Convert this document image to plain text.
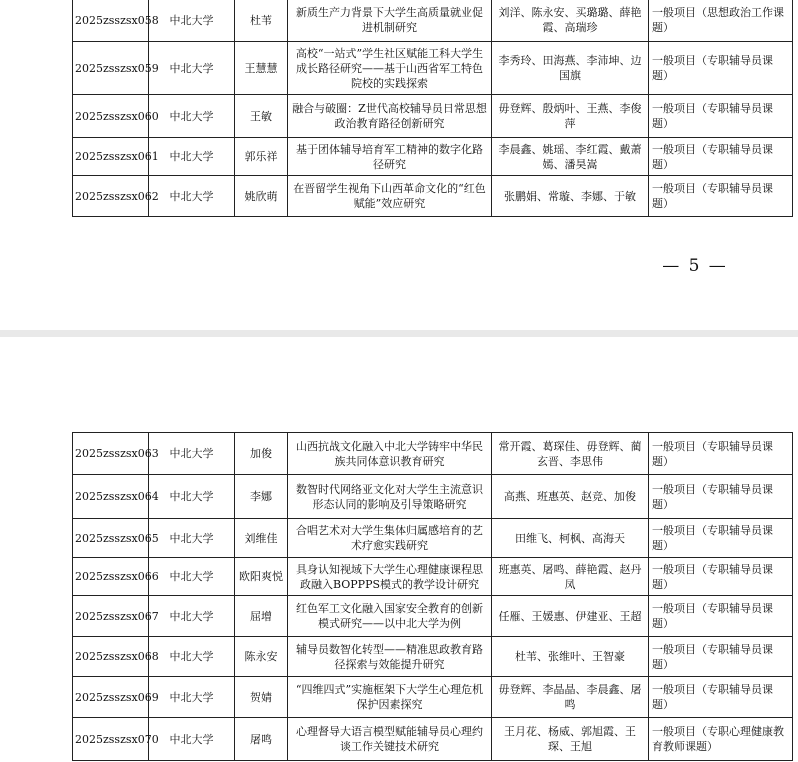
2025zsszsx058	中北大学	杜苇	新质生产力背景下大学生高质量就业促进机制研究	刘洋、陈永安、买璐璐、薛艳霞、高瑞珍	一般项目（思想政治工作课题）
2025zsszsx059	中北大学	王慧慧	高校“一站式”学生社区赋能工科大学生成长路径研究——基于山西省军工特色院校的实践探索	李秀玲、田海燕、李沛坤、边国旗	一般项目（专职辅导员课题）
2025zsszsx060	中北大学	王敏	融合与破圈：Z世代高校辅导员日常思想政治教育路径创新研究	毋登辉、殷炳叶、王燕、李俊萍	一般项目（专职辅导员课题）
2025zsszsx061	中北大学	郭乐祥	基于团体辅导培育军工精神的数字化路径研究	李晨鑫、姚瑶、李红霞、戴萧嫣、潘昊嵩	一般项目（专职辅导员课题）
2025zsszsx062	中北大学	姚欣萌	在晋留学生视角下山西革命文化的“红色赋能”效应研究	张鹏娟、常璇、李娜、于敏	一般项目（专职辅导员课题）
— 5 —
2025zsszsx063	中北大学	加俊	山西抗战文化融入中北大学铸牢中华民族共同体意识教育研究	常开霞、葛琛佳、毋登辉、蔺玄晋、李思伟	一般项目（专职辅导员课题）
2025zsszsx064	中北大学	李娜	数智时代网络亚文化对大学生主流意识形态认同的影响及引导策略研究	高燕、班惠英、赵竞、加俊	一般项目（专职辅导员课题）
2025zsszsx065	中北大学	刘维佳	合唱艺术对大学生集体归属感培育的艺术疗愈实践研究	田维飞、柯枫、高海天	一般项目（专职辅导员课题）
2025zsszsx066	中北大学	欧阳爽悦	具身认知视域下大学生心理健康课程思政融入BOPPPS模式的教学设计研究	班惠英、屠鸣、薛艳霞、赵丹凤	一般项目（专职辅导员课题）
2025zsszsx067	中北大学	屈增	红色军工文化融入国家安全教育的创新模式研究——以中北大学为例	任雁、王媛惠、伊建亚、王超	一般项目（专职辅导员课题）
2025zsszsx068	中北大学	陈永安	辅导员数智化转型——精准思政教育路径探索与效能提升研究	杜苇、张维叶、王智豪	一般项目（专职辅导员课题）
2025zsszsx069	中北大学	贺婧	“四维四式”实施框架下大学生心理危机保护因素探究	毋登辉、李晶晶、李晨鑫、屠鸣	一般项目（专职辅导员课题）
2025zsszsx070	中北大学	屠鸣	心理督导大语言模型赋能辅导员心理约谈工作关键技术研究	王月花、杨威、郭旭霞、王琛、王旭	一般项目（专职心理健康教育教师课题）
